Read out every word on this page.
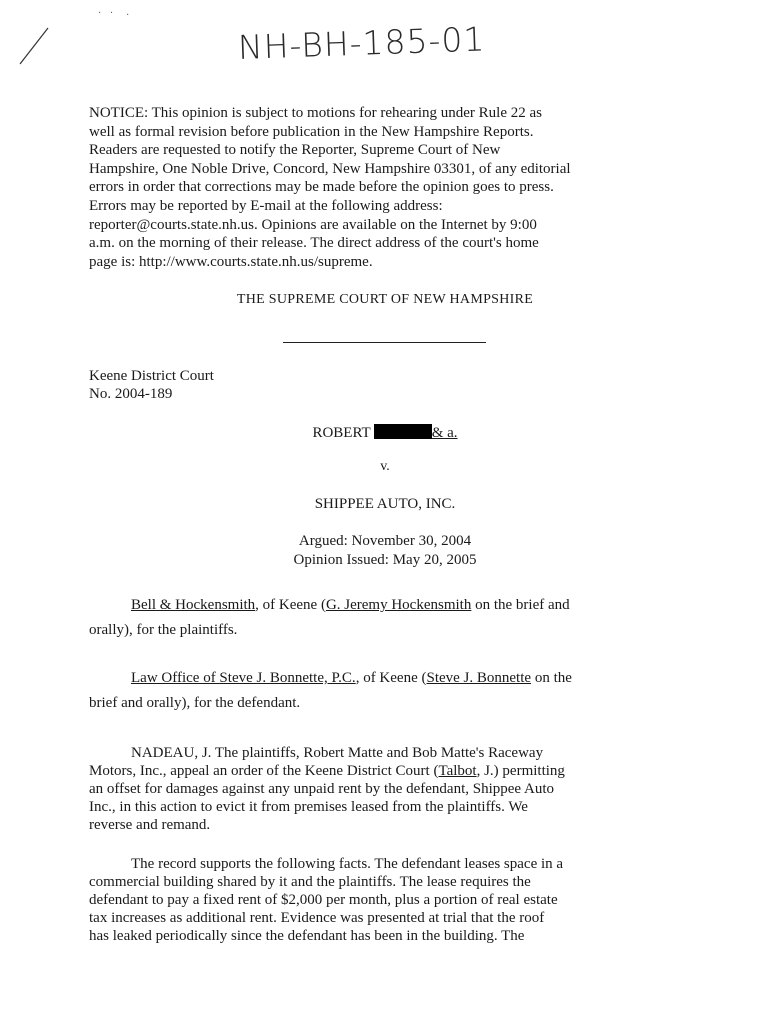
· · ·
NH-BH-185-01
NOTICE: This opinion is subject to motions for rehearing under Rule 22 as
well as formal revision before publication in the New Hampshire Reports.
Readers are requested to notify the Reporter, Supreme Court of New
Hampshire, One Noble Drive, Concord, New Hampshire 03301, of any editorial
errors in order that corrections may be made before the opinion goes to press.
Errors may be reported by E-mail at the following address:
reporter@courts.state.nh.us. Opinions are available on the Internet by 9:00
a.m. on the morning of their release. The direct address of the court's home
page is: http://www.courts.state.nh.us/supreme.
THE SUPREME COURT OF NEW HAMPSHIRE
Keene District Court
No. 2004-189
ROBERT	& a.
v.
SHIPPEE AUTO, INC.
Argued: November 30, 2004
Opinion Issued: May 20, 2005
Bell & Hockensmith, of Keene (G. Jeremy Hockensmith on the brief and
orally), for the plaintiffs.
Law Office of Steve J. Bonnette, P.C., of Keene (Steve J. Bonnette on the
brief and orally), for the defendant.
NADEAU, J. The plaintiffs, Robert Matte and Bob Matte's Raceway
Motors, Inc., appeal an order of the Keene District Court (Talbot, J.) permitting
an offset for damages against any unpaid rent by the defendant, Shippee Auto
Inc., in this action to evict it from premises leased from the plaintiffs. We
reverse and remand.
The record supports the following facts. The defendant leases space in a
commercial building shared by it and the plaintiffs. The lease requires the
defendant to pay a fixed rent of $2,000 per month, plus a portion of real estate
tax increases as additional rent. Evidence was presented at trial that the roof
has leaked periodically since the defendant has been in the building. The
